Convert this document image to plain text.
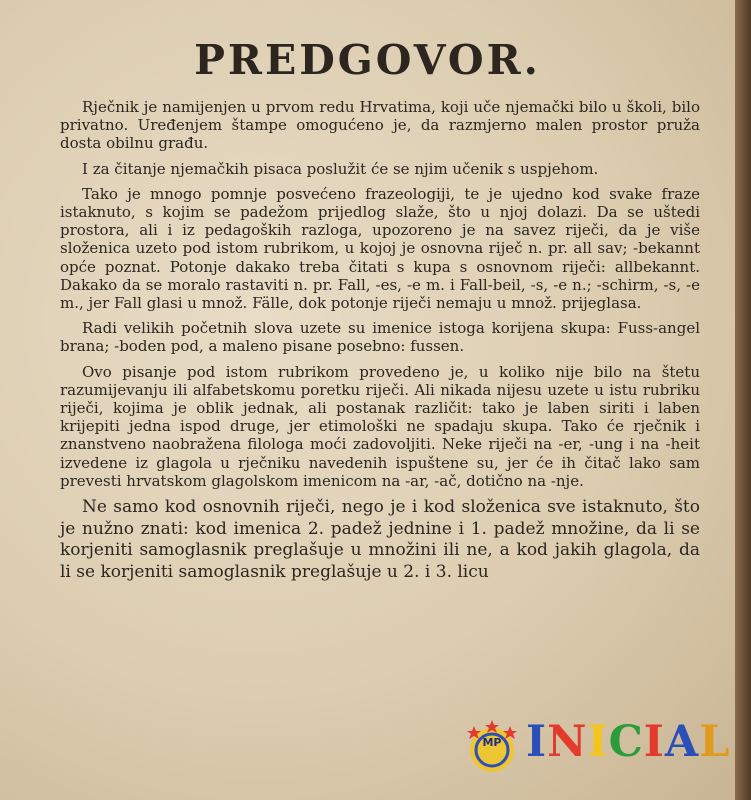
PREDGOVOR.

Rječnik je namijenjen u prvom redu Hrvatima, koji uče njemački bilo u školi, bilo privatno. Uređenjem štampe omogućeno je, da razmjerno malen prostor pruža dosta obilnu građu.

I za čitanje njemačkih pisaca poslužit će se njim učenik s uspjehom.

Tako je mnogo pomnje posvećeno frazeologiji, te je ujedno kod svake fraze istaknuto, s kojim se padežom prijedlog slaže, što u njoj dolazi. Da se uštedi prostora, ali i iz pedagoških razloga, upozoreno je na savez riječi, da je više složenica uzeto pod istom rubrikom, u kojoj je osnovna riječ n. pr. all sav; -bekannt opće poznat. Potonje dakako treba čitati s kupa s osnovnom riječi: allbekannt. Dakako da se moralo rastaviti n. pr. Fall, -es, -e m. i Fall-beil, -s, -e n.; -schirm, -s, -e m., jer Fall glasi u množ. Fälle, dok potonje riječi nemaju u množ. prijeglasa.

Radi velikih početnih slova uzete su imenice istoga korijena skupa: Fuss-angel brana; -boden pod, a maleno pisane posebno: fussen.

Ovo pisanje pod istom rubrikom provedeno je, u koliko nije bilo na štetu razumijevanju ili alfabetskomu poretku riječi. Ali nikada nijesu uzete u istu rubriku riječi, kojima je oblik jednak, ali postanak različit: tako je laben siriti i laben krijepiti jedna ispod druge, jer etimološki ne spadaju skupa. Tako će rječnik i znanstveno naobražena filologa moći zadovoljiti. Neke riječi na -er, -ung i na -heit izvedene iz glagola u rječniku navedenih ispuštene su, jer će ih čitač lako sam prevesti hrvatskom glagolskom imenicom na -ar, -ač, dotično na -nje.

Ne samo kod osnovnih riječi, nego je i kod složenica sve istaknuto, što je nužno znati: kod imenica 2. padež jednine i 1. padež množine, da li se korjeniti samoglasnik preglašuje u množini ili ne, a kod jakih glagola, da li se korjeniti samoglasnik preglašuje u 2. i 3. licu

MP INICIAL
